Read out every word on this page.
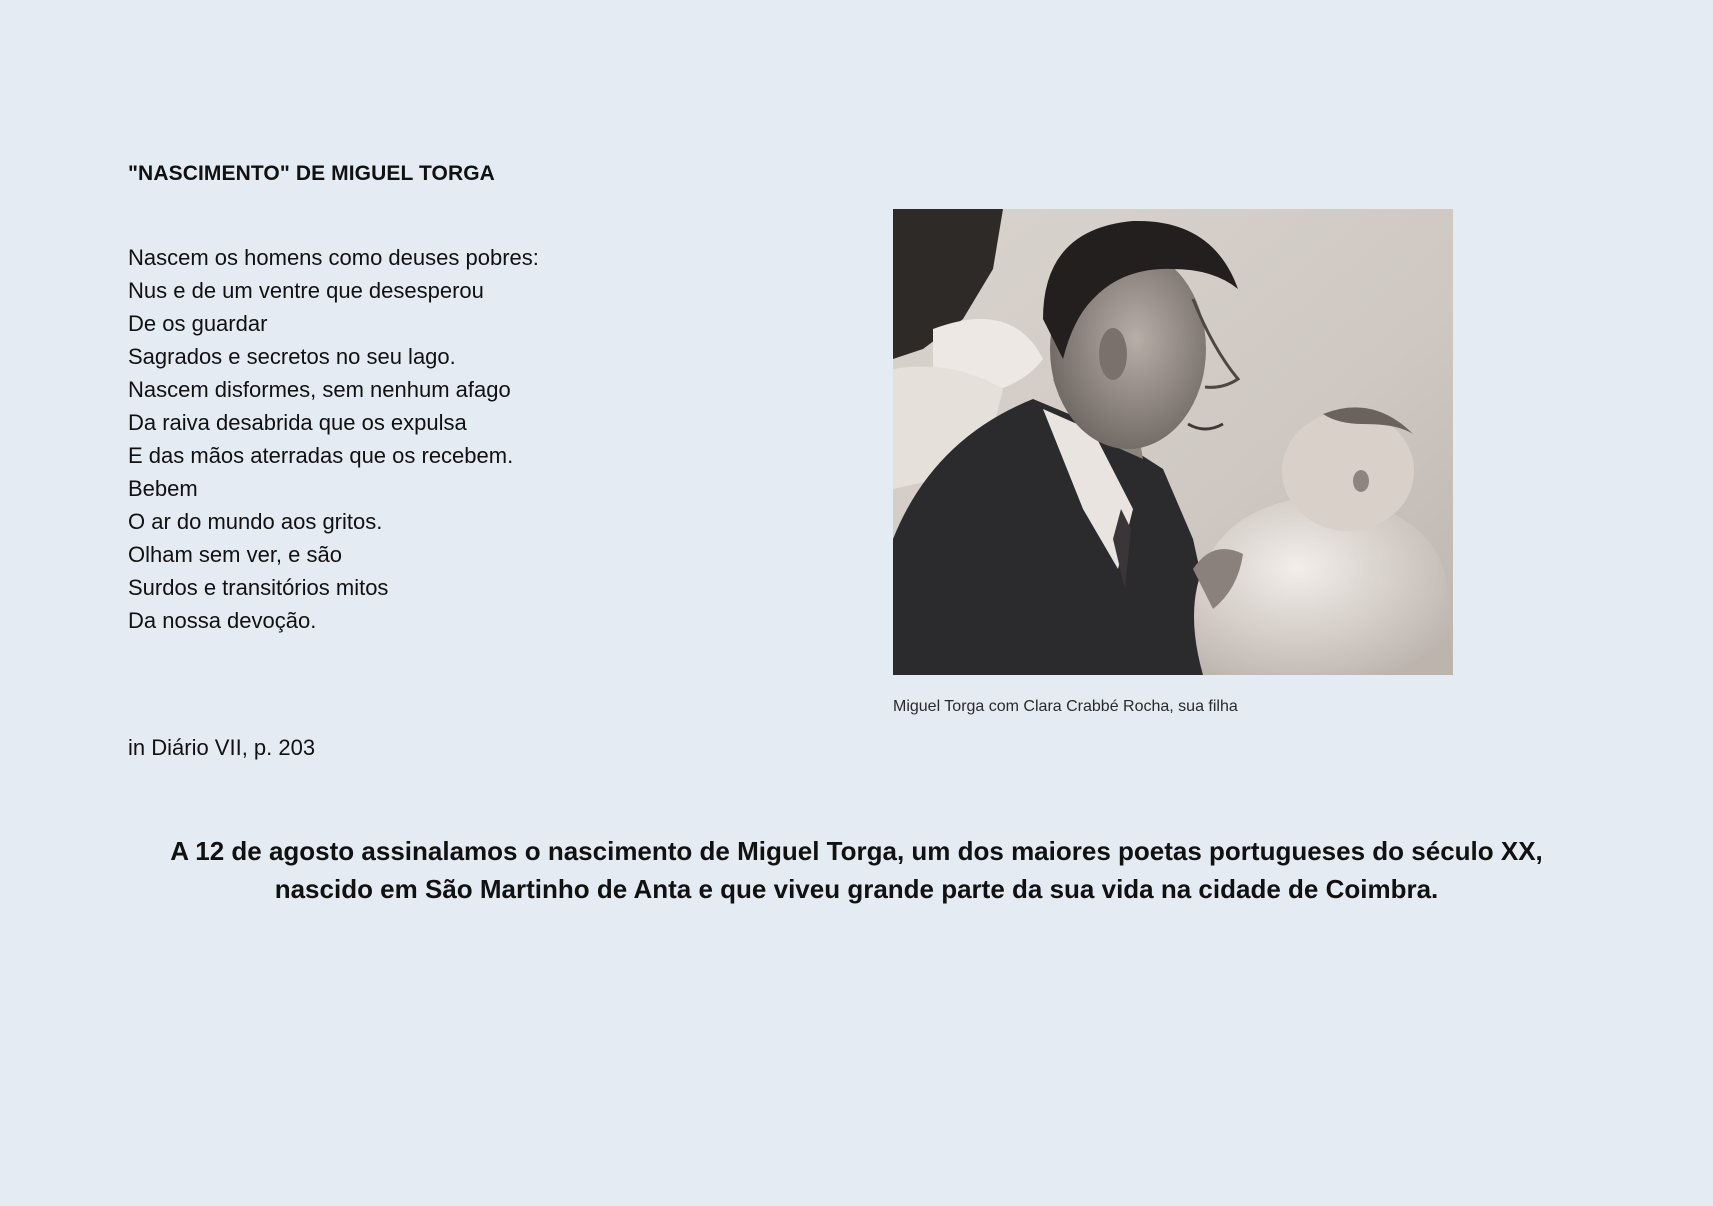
"NASCIMENTO" DE MIGUEL TORGA
Nascem os homens como deuses pobres:
Nus e de um ventre que desesperou
De os guardar
Sagrados e secretos no seu lago.
Nascem disformes, sem nenhum afago
Da raiva desabrida que os expulsa
E das mãos aterradas que os recebem.
Bebem
O ar do mundo aos gritos.
Olham sem ver, e são
Surdos e transitórios mitos
Da nossa devoção.
in Diário VII, p. 203
Miguel Torga com Clara Crabbé Rocha, sua filha
A 12 de agosto assinalamos o nascimento de Miguel Torga, um dos maiores poetas portugueses do século XX,
nascido em São Martinho de Anta e que viveu grande parte da sua vida na cidade de Coimbra.
